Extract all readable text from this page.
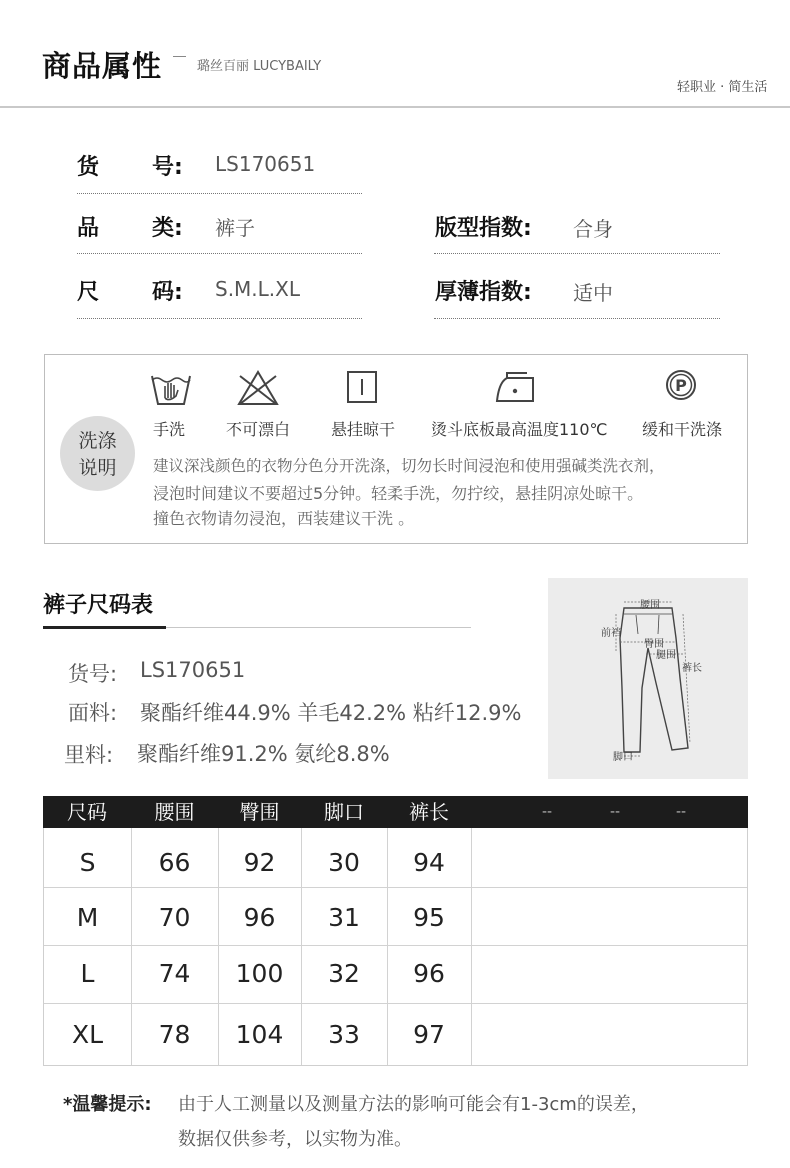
商品属性	璐丝百丽 LUCYBAILY
轻职业 · 简生活
货 号: LS170651
品 类: 裤子	版型指数: 合身
尺 码: S.M.L.XL	厚薄指数: 适中
洗涤
说明
P
手洗	不可漂白	悬挂晾干 烫斗底板最高温度110℃ 缓和干洗涤
建议深浅颜色的衣物分色分开洗涤，切勿长时间浸泡和使用强碱类洗衣剂，
浸泡时间建议不要超过5分钟。轻柔手洗，勿拧绞，悬挂阴凉处晾干。
撞色衣物请勿浸泡，西装建议干洗 。
裤子尺码表
货号: LS170651
面料: 聚酯纤维44.9% 羊毛42.2% 粘纤12.9%
里料: 聚酯纤维91.2% 氨纶8.8%
腰围
前裆
臀围
腿围
裤长
脚口
尺码	腰围	臀围	脚口	裤长	--	--	--
S	66	92	30	94
M	70	96	31	95
L	74	100	32	96
XL	78	104	33	97
*温馨提示: 由于人工测量以及测量方法的影响可能会有1-3cm的误差，
数据仅供参考，以实物为准。
